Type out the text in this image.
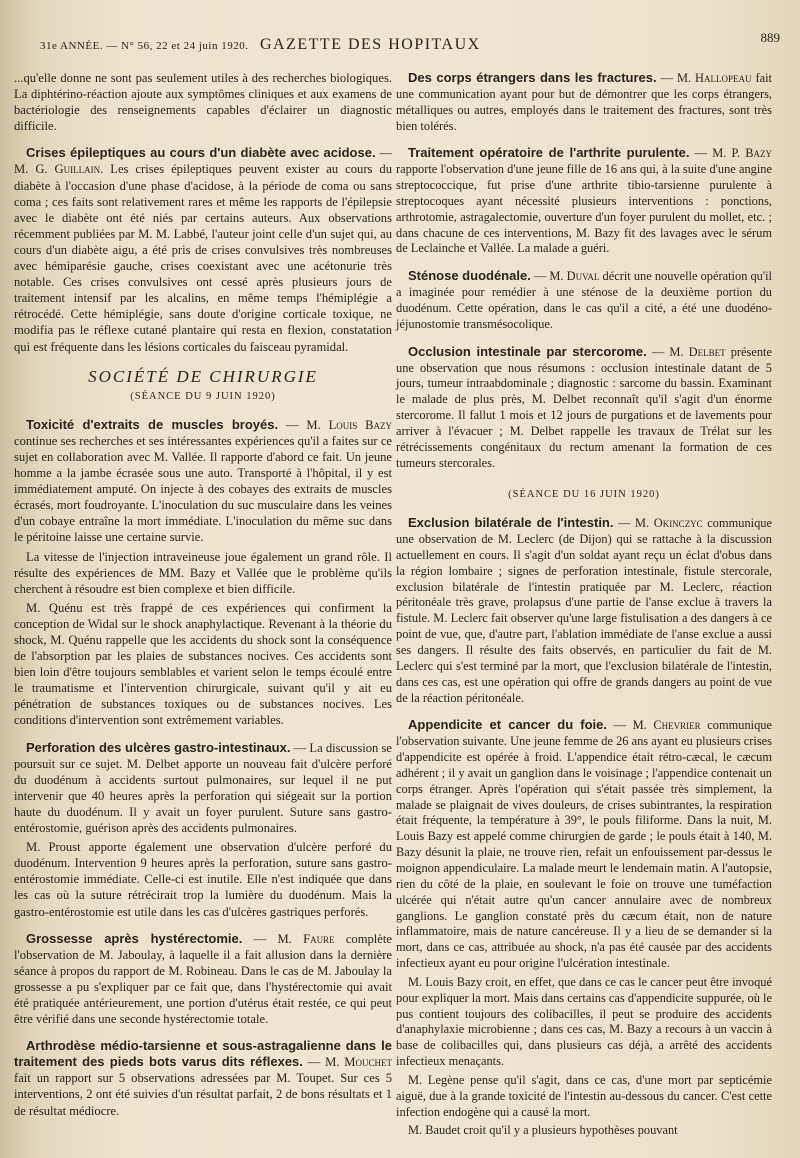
31e ANNÉE. — N° 56, 22 et 24 juin 1920. GAZETTE DES HOPITAUX	889

...qu'elle donne ne sont pas seulement utiles à des recherches biologiques. La diphtérino-réaction ajoute aux symptômes cliniques et aux examens de bactériologie des renseignements capables d'éclairer un diagnostic difficile.

Crises épileptiques au cours d'un diabète avec acidose. — M. G. Guillain. Les crises épileptiques peuvent exister au cours du diabète à l'occasion d'une phase d'acidose, à la période de coma ou sans coma ; ces faits sont relativement rares et même les rapports de l'épilepsie avec le diabète ont été niés par certains auteurs. Aux observations récemment publiées par M. M. Labbé, l'auteur joint celle d'un sujet qui, au cours d'un diabète aigu, a été pris de crises convulsives très nombreuses avec hémiparésie gauche, crises coexistant avec une acétonurie très notable. Ces crises convulsives ont cessé après plusieurs jours de traitement intensif par les alcalins, en même temps l'hémiplégie a rétrocédé. Cette hémiplégie, sans doute d'origine corticale toxique, ne modifia pas le réflexe cutané plantaire qui resta en flexion, constatation qui est fréquente dans les lésions corticales du faisceau pyramidal.

SOCIÉTÉ DE CHIRURGIE
(SÉANCE DU 9 JUIN 1920)

Toxicité d'extraits de muscles broyés. — M. Louis Bazy continue ses recherches et ses intéressantes expériences qu'il a faites sur ce sujet en collaboration avec M. Vallée. Il rapporte d'abord ce fait. Un jeune homme a la jambe écrasée sous une auto. Transporté à l'hôpital, il y est immédiatement amputé. On injecte à des cobayes des extraits de muscles écrasés, mort foudroyante. L'inoculation du suc musculaire dans les veines d'un cobaye entraîne la mort immédiate. L'inoculation du même suc dans le péritoine laisse une certaine survie.

La vitesse de l'injection intraveineuse joue également un grand rôle. Il résulte des expériences de MM. Bazy et Vallée que le problème qu'ils cherchent à résoudre est bien complexe et bien difficile.

M. Quénu est très frappé de ces expériences qui confirment la conception de Widal sur le shock anaphylactique. Revenant à la théorie du shock, M. Quénu rappelle que les accidents du shock sont la conséquence de l'absorption par les plaies de substances nocives. Ces accidents sont bien loin d'être toujours semblables et varient selon le temps écoulé entre le traumatisme et l'intervention chirurgicale, suivant qu'il y ait eu pénétration de substances toxiques ou de substances nocives. Les conditions d'intervention sont extrêmement variables.

Perforation des ulcères gastro-intestinaux. — La discussion se poursuit sur ce sujet. M. Delbet apporte un nouveau fait d'ulcère perforé du duodénum à accidents surtout pulmonaires, sur lequel il ne put intervenir que 40 heures après la perforation qui siégeait sur la portion haute du duodénum. Il y avait un foyer purulent. Suture sans gastro-entérostomie, guérison après des accidents pulmonaires.

M. Proust apporte également une observation d'ulcère perforé du duodénum. Intervention 9 heures après la perforation, suture sans gastro-entérostomie immédiate. Celle-ci est inutile. Elle n'est indiquée que dans les cas où la suture rétrécirait trop la lumière du duodénum. Mais la gastro-entérostomie est utile dans les cas d'ulcères gastriques perforés.

Grossesse après hystérectomie. — M. Faure complète l'observation de M. Jaboulay, à laquelle il a fait allusion dans la dernière séance à propos du rapport de M. Robineau. Dans le cas de M. Jaboulay la grossesse a pu s'expliquer par ce fait que, dans l'hystérectomie qui avait été pratiquée antérieurement, une portion d'utérus était restée, ce qui peut être vérifié dans une seconde hystérectomie totale.

Arthrodèse médio-tarsienne et sous-astragalienne dans le traitement des pieds bots varus dits réflexes. — M. Mouchet fait un rapport sur 5 observations adressées par M. Toupet. Sur ces 5 interventions, 2 ont été suivies d'un résultat parfait, 2 de bons résultats et 1 de résultat médiocre.

Des corps étrangers dans les fractures. — M. Hallopeau fait une communication ayant pour but de démontrer que les corps étrangers, métalliques ou autres, employés dans le traitement des fractures, sont très bien tolérés.

Traitement opératoire de l'arthrite purulente. — M. P. Bazy rapporte l'observation d'une jeune fille de 16 ans qui, à la suite d'une angine streptococcique, fut prise d'une arthrite tibio-tarsienne purulente à streptocoques ayant nécessité plusieurs interventions : ponctions, arthrotomie, astragalectomie, ouverture d'un foyer purulent du mollet, etc. ; dans chacune de ces interventions, M. Bazy fit des lavages avec le sérum de Leclainche et Vallée. La malade a guéri.

Sténose duodénale. — M. Duval décrit une nouvelle opération qu'il a imaginée pour remédier à une sténose de la deuxième portion du duodénum. Cette opération, dans le cas qu'il a cité, a été une duodéno-jéjunostomie transmésocolique.

Occlusion intestinale par stercorome. — M. Delbet présente une observation que nous résumons : occlusion intestinale datant de 5 jours, tumeur intraabdominale ; diagnostic : sarcome du bassin. Examinant le malade de plus près, M. Delbet reconnaît qu'il s'agit d'un énorme stercorome. Il fallut 1 mois et 12 jours de purgations et de lavements pour arriver à l'évacuer ; M. Delbet rappelle les travaux de Trélat sur les rétrécissements congénitaux du rectum amenant la formation de ces tumeurs stercorales.

(SÉANCE DU 16 JUIN 1920)

Exclusion bilatérale de l'intestin. — M. Okinczyc communique une observation de M. Leclerc (de Dijon) qui se rattache à la discussion actuellement en cours. Il s'agit d'un soldat ayant reçu un éclat d'obus dans la région lombaire ; signes de perforation intestinale, fistule stercorale, exclusion bilatérale de l'intestin pratiquée par M. Leclerc, réaction péritonéale très grave, prolapsus d'une partie de l'anse exclue à travers la fistule. M. Leclerc fait observer qu'une large fistulisation a des dangers à ce point de vue, que, d'autre part, l'ablation immédiate de l'anse exclue a aussi ses dangers. Il résulte des faits observés, en particulier du fait de M. Leclerc qui s'est terminé par la mort, que l'exclusion bilatérale de l'intestin, dans ces cas, est une opération qui offre de grands dangers au point de vue de la réaction péritonéale.

Appendicite et cancer du foie. — M. Chevrier communique l'observation suivante. Une jeune femme de 26 ans ayant eu plusieurs crises d'appendicite est opérée à froid. L'appendice était rétro-cæcal, le cæcum adhérent ; il y avait un ganglion dans le voisinage ; l'appendice contenait un corps étranger. Après l'opération qui s'était passée très simplement, la malade se plaignait de vives douleurs, de crises subintrantes, la respiration était fréquente, la température à 39°, le pouls filiforme. Dans la nuit, M. Louis Bazy est appelé comme chirurgien de garde ; le pouls était à 140, M. Bazy désunit la plaie, ne trouve rien, refait un enfouissement par-dessus le moignon appendiculaire. La malade meurt le lendemain matin. A l'autopsie, rien du côté de la plaie, en soulevant le foie on trouve une tuméfaction ulcérée qui n'était autre qu'un cancer annulaire avec de nombreux ganglions. Le ganglion constaté près du cæcum était, non de nature inflammatoire, mais de nature cancéreuse. Il y a lieu de se demander si la mort, dans ce cas, attribuée au shock, n'a pas été causée par des accidents infectieux ayant eu pour origine l'ulcération intestinale.

M. Louis Bazy croit, en effet, que dans ce cas le cancer peut être invoqué pour expliquer la mort. Mais dans certains cas d'appendicite suppurée, où le pus contient toujours des colibacilles, il peut se produire des accidents d'anaphylaxie microbienne ; dans ces cas, M. Bazy a recours à un vaccin à base de colibacilles qui, dans plusieurs cas déjà, a arrêté des accidents infectieux menaçants.

M. Legène pense qu'il s'agit, dans ce cas, d'une mort par septicémie aiguë, due à la grande toxicité de l'intestin au-dessous du cancer. C'est cette infection endogène qui a causé la mort.

M. Baudet croit qu'il y a plusieurs hypothèses pouvant
